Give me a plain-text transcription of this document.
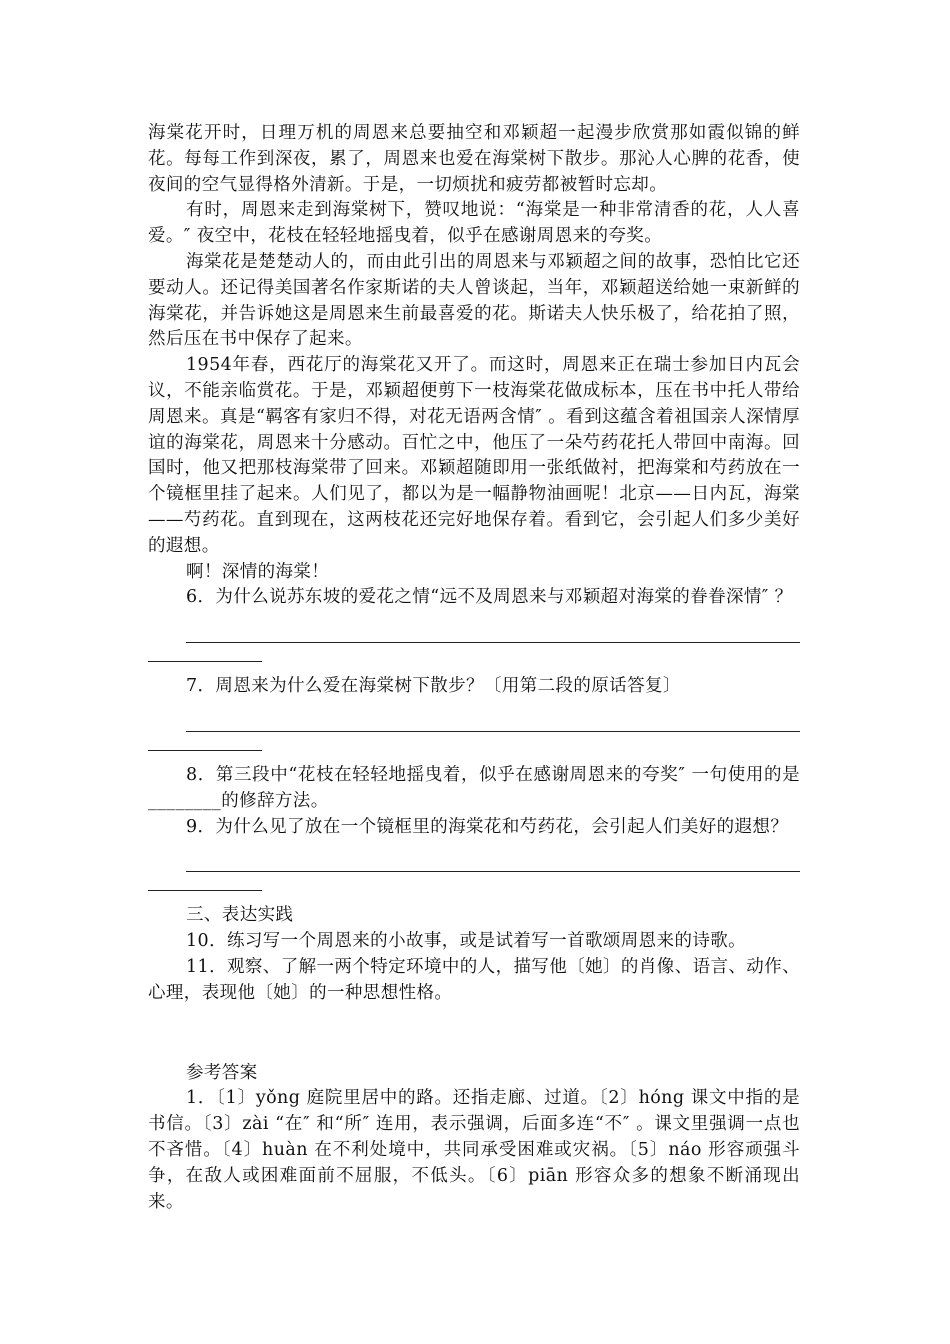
海棠花开时，日理万机的周恩来总要抽空和邓颖超一起漫步欣赏那如霞似锦的鲜花。每每工作到深夜，累了，周恩来也爱在海棠树下散步。那沁人心脾的花香，使夜间的空气显得格外清新。于是，一切烦扰和疲劳都被暂时忘却。

有时，周恩来走到海棠树下，赞叹地说：“海棠是一种非常清香的花，人人喜爱。″ 夜空中，花枝在轻轻地摇曳着，似乎在感谢周恩来的夸奖。

海棠花是楚楚动人的，而由此引出的周恩来与邓颖超之间的故事，恐怕比它还要动人。还记得美国著名作家斯诺的夫人曾谈起，当年，邓颖超送给她一束新鲜的海棠花，并告诉她这是周恩来生前最喜爱的花。斯诺夫人快乐极了，给花拍了照，然后压在书中保存了起来。

1954年春，西花厅的海棠花又开了。而这时，周恩来正在瑞士参加日内瓦会议，不能亲临赏花。于是，邓颖超便剪下一枝海棠花做成标本，压在书中托人带给周恩来。真是“羁客有家归不得，对花无语两含情″ 。看到这蕴含着祖国亲人深情厚谊的海棠花，周恩来十分感动。百忙之中，他压了一朵芍药花托人带回中南海。回国时，他又把那枝海棠带了回来。邓颖超随即用一张纸做衬，把海棠和芍药放在一个镜框里挂了起来。人们见了，都以为是一幅静物油画呢！北京——日内瓦，海棠——芍药花。直到现在，这两枝花还完好地保存着。看到它，会引起人们多少美好的遐想。

啊！深情的海棠！

6．为什么说苏东坡的爱花之情“远不及周恩来与邓颖超对海棠的眷眷深情″ ？

7．周恩来为什么爱在海棠树下散步？〔用第二段的原话答复〕

8．第三段中“花枝在轻轻地摇曳着，似乎在感谢周恩来的夸奖″ 一句使用的是________的修辞方法。

9．为什么见了放在一个镜框里的海棠花和芍药花，会引起人们美好的遐想？

三、表达实践

10．练习写一个周恩来的小故事，或是试着写一首歌颂周恩来的诗歌。

11．观察、了解一两个特定环境中的人，描写他〔她〕的肖像、语言、动作、心理，表现他〔她〕的一种思想性格。

参考答案

1．〔1〕yǒng 庭院里居中的路。还指走廊、过道。〔2〕hóng 课文中指的是书信。〔3〕zài “在″ 和“所″ 连用，表示强调，后面多连“不″ 。课文里强调一点也不吝惜。〔4〕huàn 在不利处境中，共同承受困难或灾祸。〔5〕náo 形容顽强斗争，在敌人或困难面前不屈服，不低头。〔6〕piān 形容众多的想象不断涌现出来。
